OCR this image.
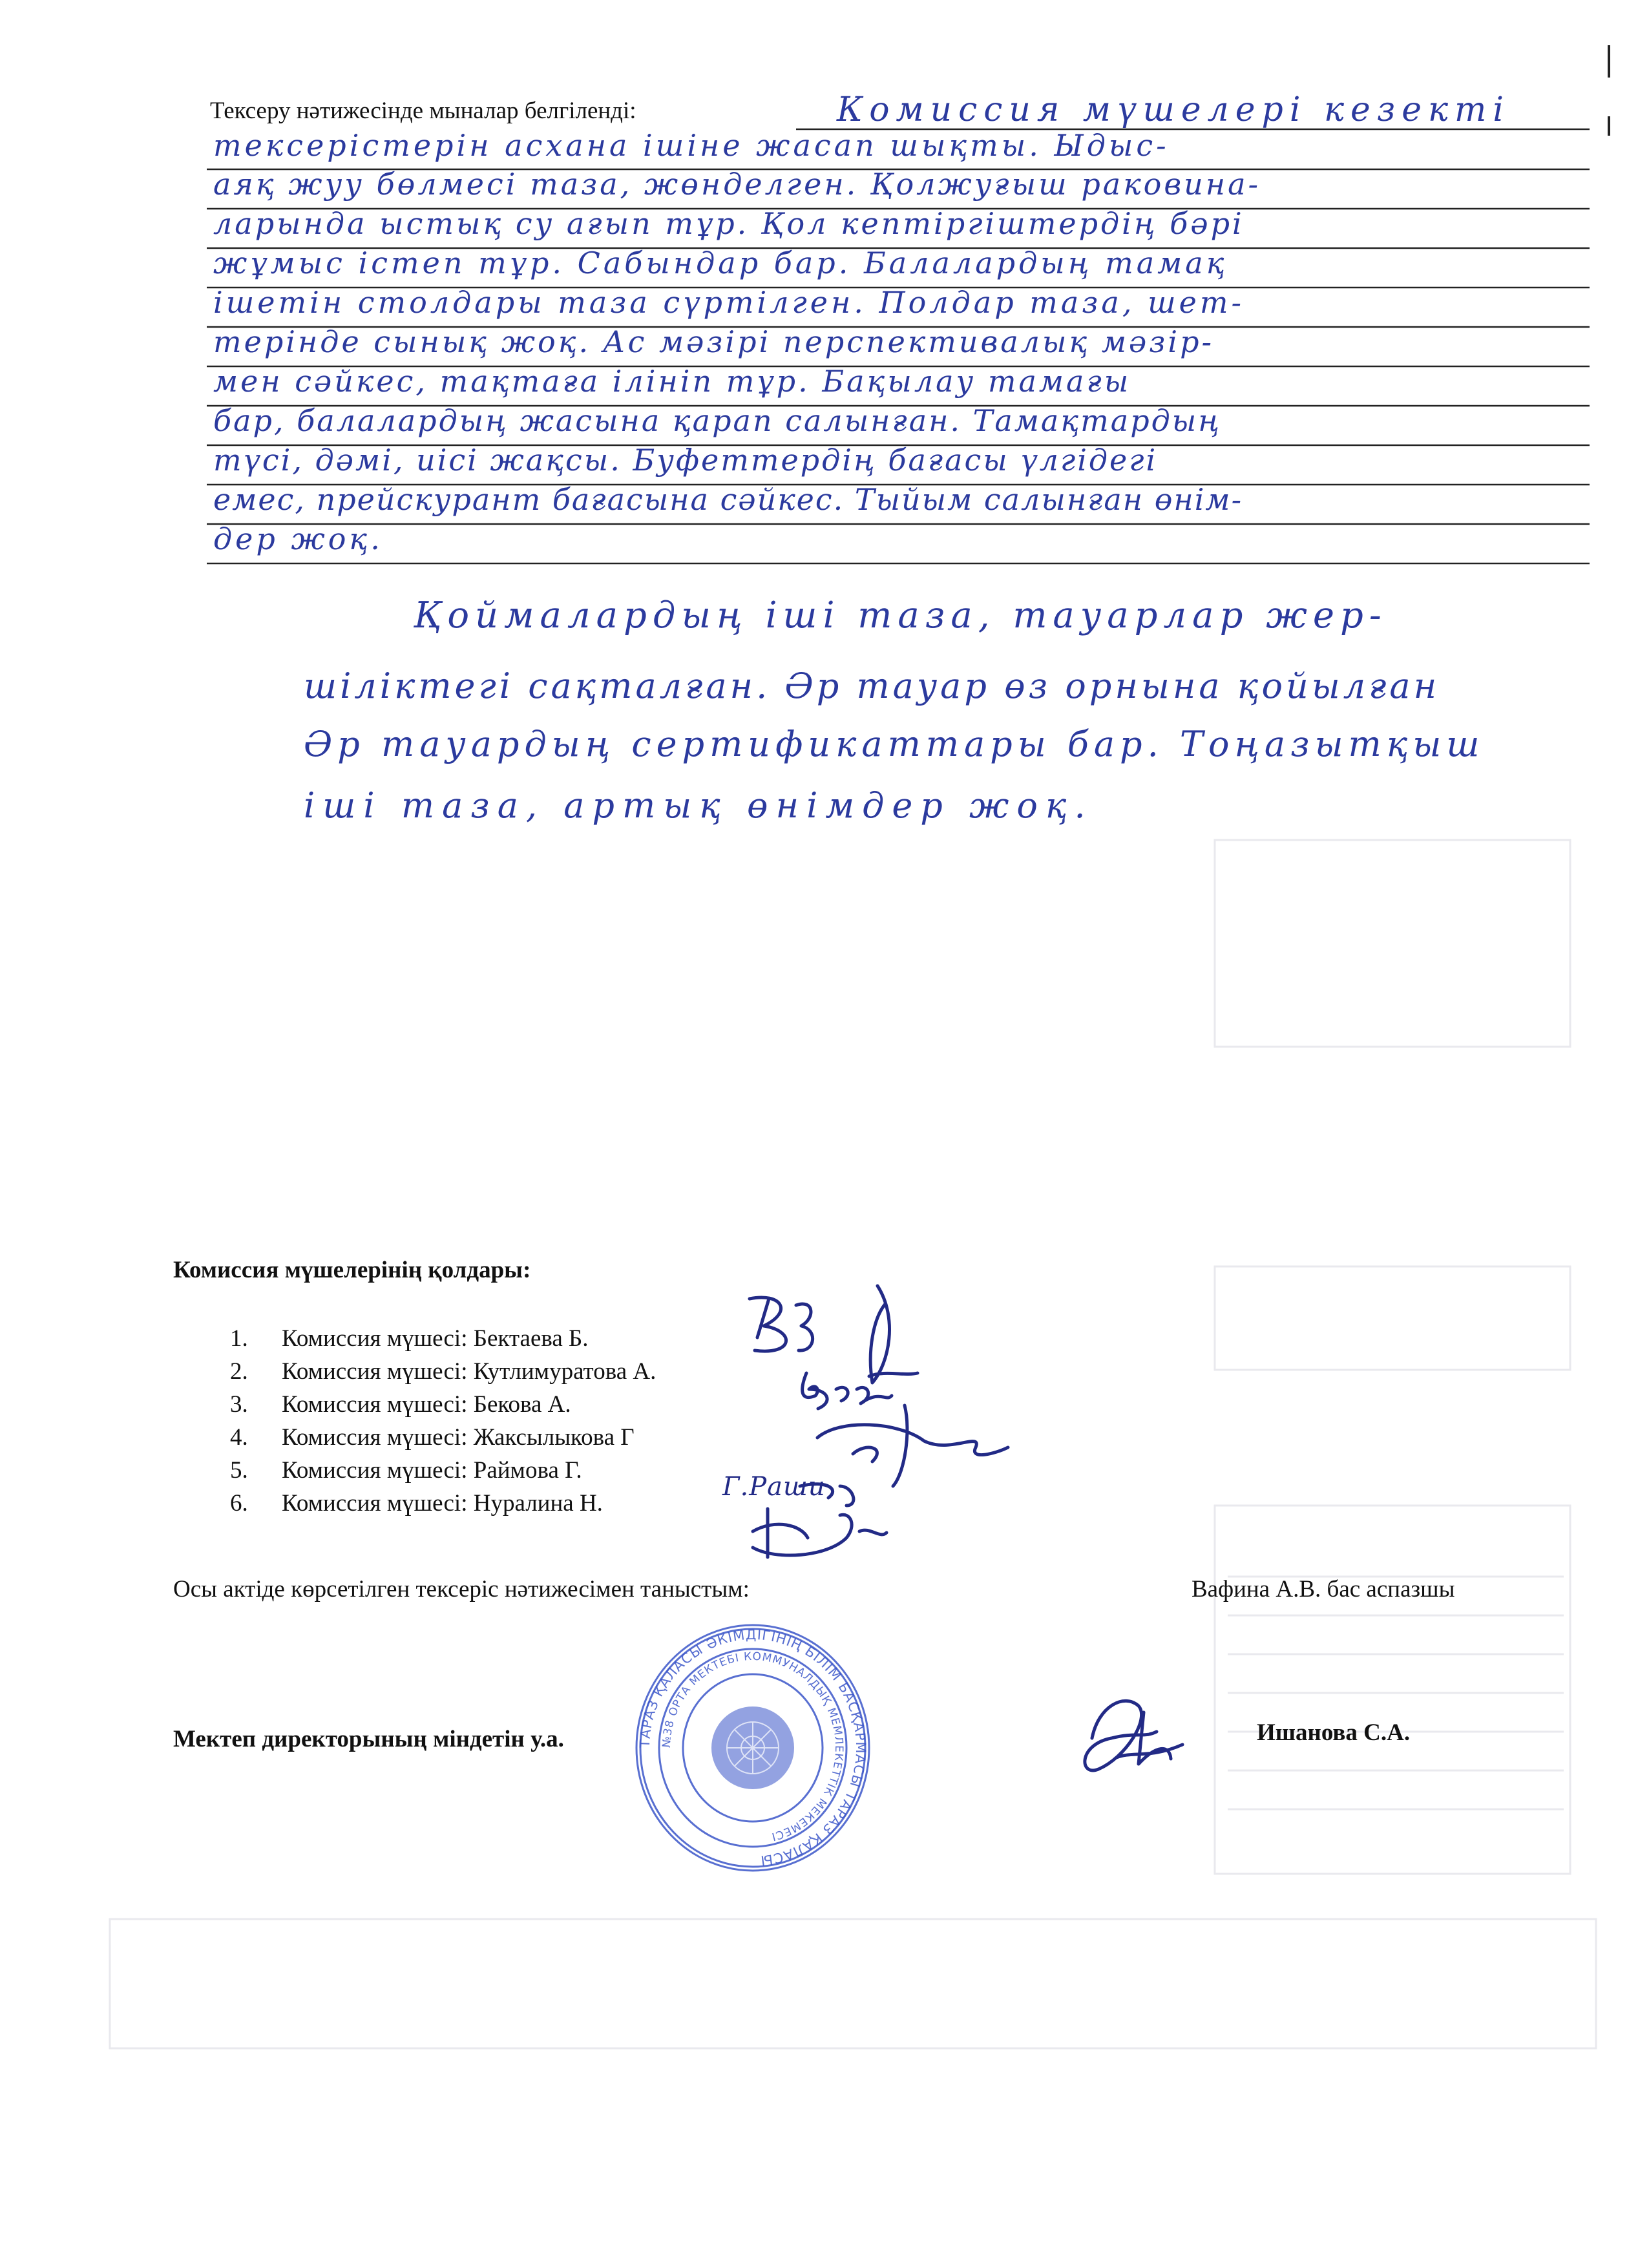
Тексеру нәтижесінде мыналар белгіленді:	Комиссия мүшелері кезекті
тексерістерін асхана ішіне жасап шықты. Ыдыс-
аяқ жуу бөлмесі таза, жөнделген. Қолжуғыш раковина-
ларында ыстық су ағып тұр. Қол кептіргіштердің бәрі
жұмыс істеп тұр. Сабындар бар. Балалардың тамақ
ішетін столдары таза сүртілген. Полдар таза, шет-
терінде сынық жоқ. Ас мәзірі перспективалық мәзір-
мен сәйкес, тақтаға ілініп тұр. Бақылау тамағы
бар, балалардың жасына қарап салынған. Тамақтардың
түсі, дәмі, иісі жақсы. Буфеттердің бағасы үлгідегі
емес, прейскурант бағасына сәйкес. Тыйым салынған өнім-
дер жоқ.
Қоймалардың іші таза, тауарлар жер-
шіліктегі сақталған. Әр тауар өз орнына қойылған
Әр тауардың сертификаттары бар. Тоңазытқыш
іші таза, артық өнімдер жоқ.
Комиссия мүшелерінің қолдары:
1. Комиссия мүшесі: Бектаева Б.
2. Комиссия мүшесі: Кутлимуратова А.
3. Комиссия мүшесі: Бекова А.
4. Комиссия мүшесі: Жаксылыкова Г
5. Комиссия мүшесі: Раймова Г.
6. Комиссия мүшесі: Нуралина Н.
Г.Раши
Осы актіде көрсетілген тексеріс нәтижесімен таныстым:	Вафина А.В. бас аспазшы
Мектеп директорының міндетін у.а.	Ишанова С.А.
ТАРАЗ ҚАЛАСЫ ӘКІМДІГІНІҢ БІЛІМ БАСҚАРМАСЫ ТАРАЗ ҚАЛАСЫ
№38 ОРТА МЕКТЕБІ КОММУНАЛДЫҚ МЕМЛЕКЕТТІК МЕКЕМЕСІ
